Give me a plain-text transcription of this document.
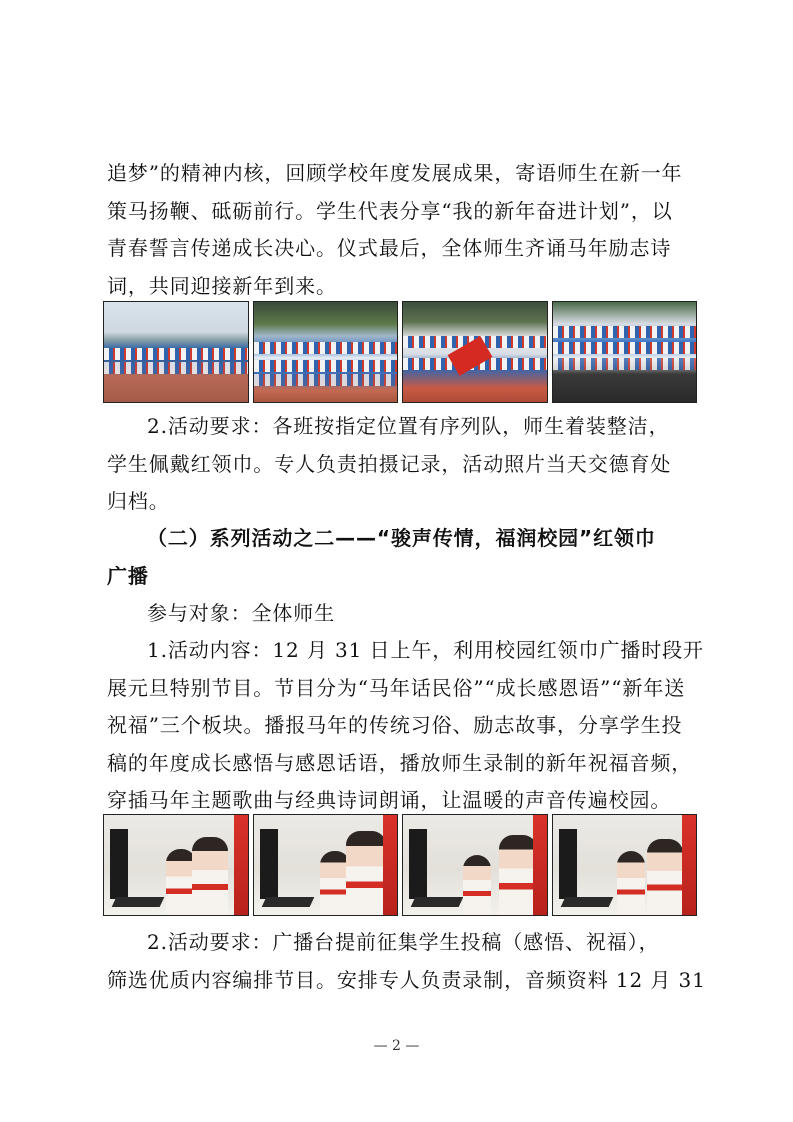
追梦”的精神内核，回顾学校年度发展成果，寄语师生在新一年
策马扬鞭、砥砺前行。学生代表分享“我的新年奋进计划”，以
青春誓言传递成长决心。仪式最后，全体师生齐诵马年励志诗
词，共同迎接新年到来。
2.活动要求：各班按指定位置有序列队，师生着装整洁，
学生佩戴红领巾。专人负责拍摄记录，活动照片当天交德育处
归档。
（二）系列活动之二——“骏声传情，福润校园”红领巾
广播
参与对象：全体师生
1.活动内容：12 月 31 日上午，利用校园红领巾广播时段开
展元旦特别节目。节目分为“马年话民俗”“成长感恩语”“新年送
祝福”三个板块。播报马年的传统习俗、励志故事，分享学生投
稿的年度成长感悟与感恩话语，播放师生录制的新年祝福音频，
穿插马年主题歌曲与经典诗词朗诵，让温暖的声音传遍校园。
2.活动要求：广播台提前征集学生投稿（感悟、祝福），
筛选优质内容编排节目。安排专人负责录制，音频资料 12 月 31
— 2 —
